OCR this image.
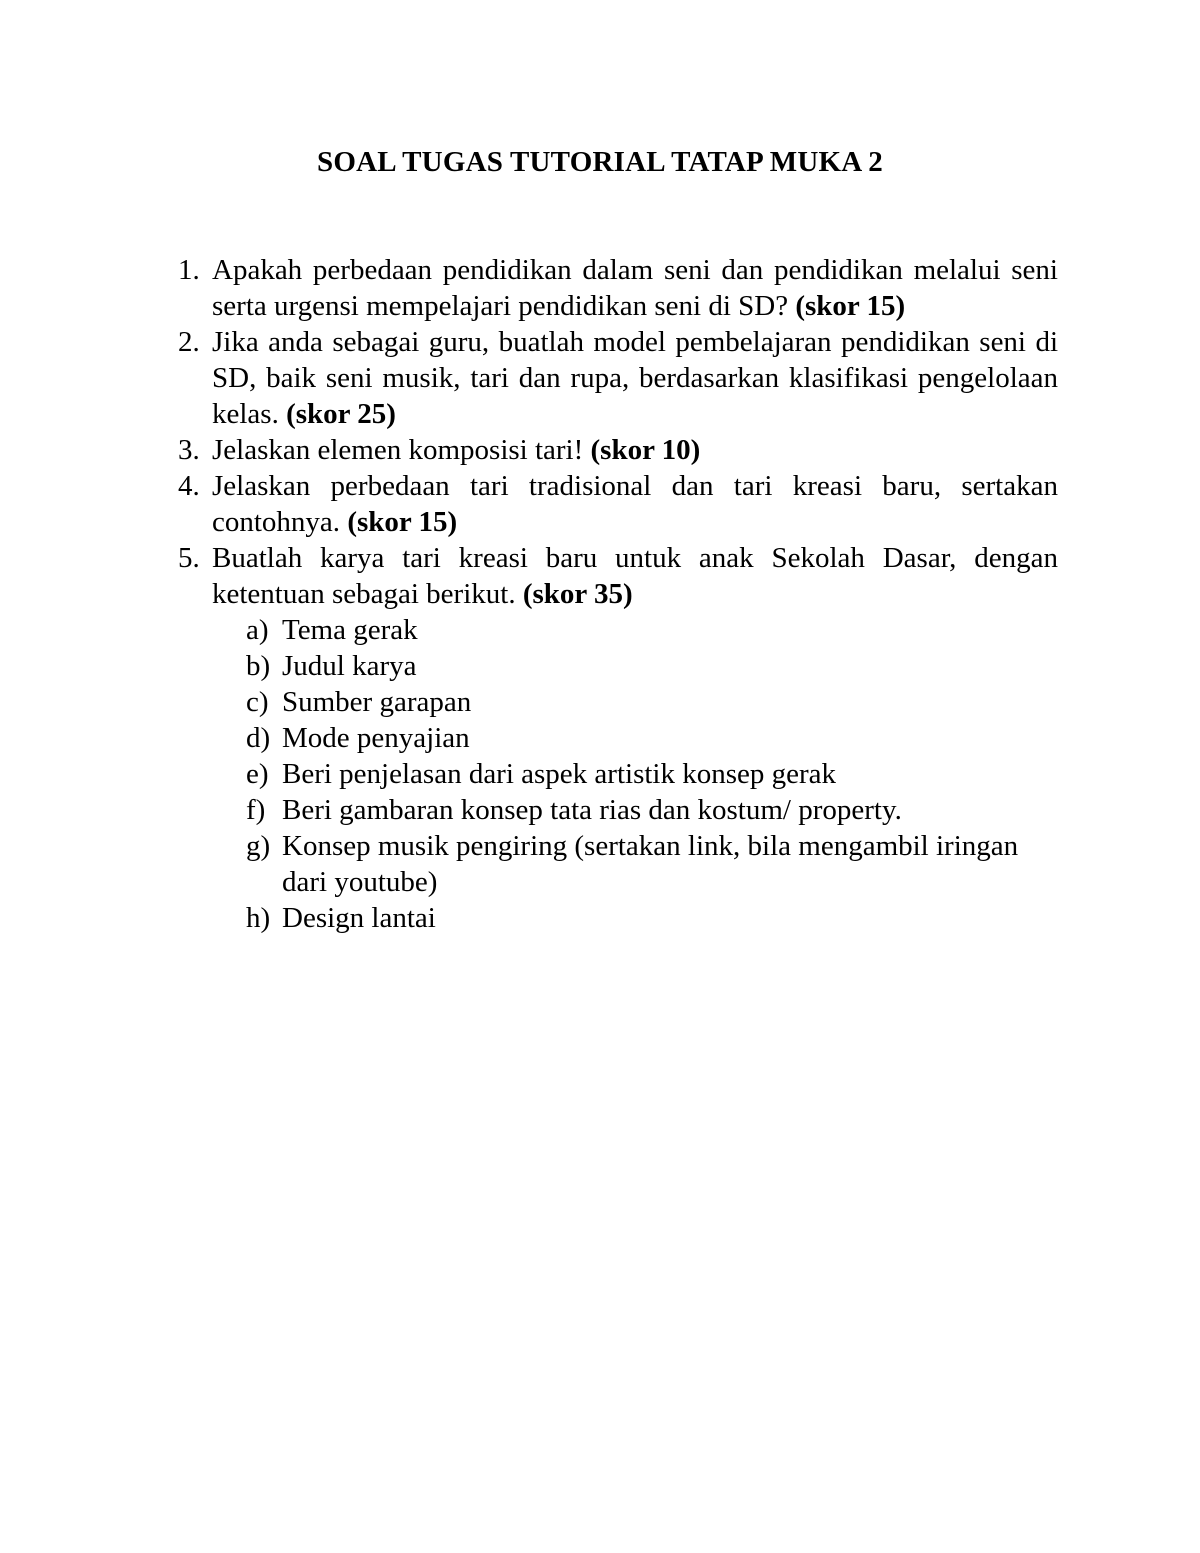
SOAL TUGAS TUTORIAL TATAP MUKA 2
1. Apakah perbedaan pendidikan dalam seni dan pendidikan melalui seni serta urgensi mempelajari pendidikan seni di SD? (skor 15)
2. Jika anda sebagai guru, buatlah model pembelajaran pendidikan seni di SD, baik seni musik, tari dan rupa, berdasarkan klasifikasi pengelolaan kelas. (skor 25)
3. Jelaskan elemen komposisi tari! (skor 10)
4. Jelaskan perbedaan tari tradisional dan tari kreasi baru, sertakan contohnya. (skor 15)
5. Buatlah karya tari kreasi baru untuk anak Sekolah Dasar, dengan ketentuan sebagai berikut. (skor 35)
a) Tema gerak
b) Judul karya
c) Sumber garapan
d) Mode penyajian
e) Beri penjelasan dari aspek artistik konsep gerak
f) Beri gambaran konsep tata rias dan kostum/ property.
g) Konsep musik pengiring (sertakan link, bila mengambil iringan dari youtube)
h) Design lantai
